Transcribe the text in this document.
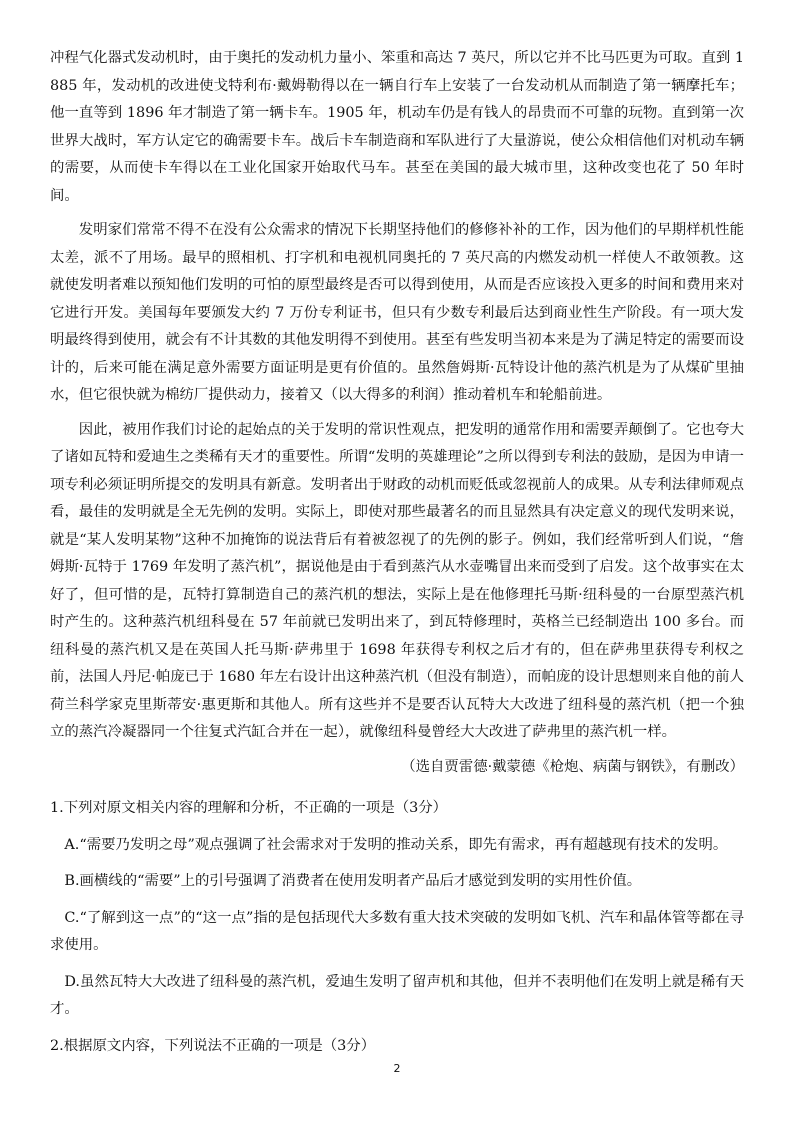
冲程气化器式发动机时，由于奥托的发动机力量小、笨重和高达 7 英尺，所以它并不比马匹更为可取。直到 1885 年，发动机的改进使戈特利布·戴姆勒得以在一辆自行车上安装了一台发动机从而制造了第一辆摩托车；他一直等到 1896 年才制造了第一辆卡车。1905 年，机动车仍是有钱人的昂贵而不可靠的玩物。直到第一次世界大战时，军方认定它的确需要卡车。战后卡车制造商和军队进行了大量游说，使公众相信他们对机动车辆的需要，从而使卡车得以在工业化国家开始取代马车。甚至在美国的最大城市里，这种改变也花了 50 年时间。

发明家们常常不得不在没有公众需求的情况下长期坚持他们的修修补补的工作，因为他们的早期样机性能太差，派不了用场。最早的照相机、打字机和电视机同奥托的 7 英尺高的内燃发动机一样使人不敢领教。这就使发明者难以预知他们发明的可怕的原型最终是否可以得到使用，从而是否应该投入更多的时间和费用来对它进行开发。美国每年要颁发大约 7 万份专利证书，但只有少数专利最后达到商业性生产阶段。有一项大发明最终得到使用，就会有不计其数的其他发明得不到使用。甚至有些发明当初本来是为了满足特定的需要而设计的，后来可能在满足意外需要方面证明是更有价值的。虽然詹姆斯·瓦特设计他的蒸汽机是为了从煤矿里抽水，但它很快就为棉纺厂提供动力，接着又（以大得多的利润）推动着机车和轮船前进。

因此，被用作我们讨论的起始点的关于发明的常识性观点，把发明的通常作用和需要弄颠倒了。它也夸大了诸如瓦特和爱迪生之类稀有天才的重要性。所谓“发明的英雄理论”之所以得到专利法的鼓励，是因为申请一项专利必须证明所提交的发明具有新意。发明者出于财政的动机而贬低或忽视前人的成果。从专利法律师观点看，最佳的发明就是全无先例的发明。实际上，即使对那些最著名的而且显然具有决定意义的现代发明来说，就是“某人发明某物”这种不加掩饰的说法背后有着被忽视了的先例的影子。例如，我们经常听到人们说，“詹姆斯·瓦特于 1769 年发明了蒸汽机”，据说他是由于看到蒸汽从水壶嘴冒出来而受到了启发。这个故事实在太好了，但可惜的是，瓦特打算制造自己的蒸汽机的想法，实际上是在他修理托马斯·纽科曼的一台原型蒸汽机时产生的。这种蒸汽机纽科曼在 57 年前就已发明出来了，到瓦特修理时，英格兰已经制造出 100 多台。而纽科曼的蒸汽机又是在英国人托马斯·萨弗里于 1698 年获得专利权之后才有的，但在萨弗里获得专利权之前，法国人丹尼·帕庞已于 1680 年左右设计出这种蒸汽机（但没有制造），而帕庞的设计思想则来自他的前人荷兰科学家克里斯蒂安·惠更斯和其他人。所有这些并不是要否认瓦特大大改进了纽科曼的蒸汽机（把一个独立的蒸汽冷凝器同一个往复式汽缸合并在一起），就像纽科曼曾经大大改进了萨弗里的蒸汽机一样。

（选自贾雷德·戴蒙德《枪炮、病菌与钢铁》，有删改）
1.下列对原文相关内容的理解和分析，不正确的一项是（3分）
A.“需要乃发明之母”观点强调了社会需求对于发明的推动关系，即先有需求，再有超越现有技术的发明。
B.画横线的“需要”上的引号强调了消费者在使用发明者产品后才感觉到发明的实用性价值。
C.“了解到这一点”的“这一点”指的是包括现代大多数有重大技术突破的发明如飞机、汽车和晶体管等都在寻求使用。
D.虽然瓦特大大改进了纽科曼的蒸汽机，爱迪生发明了留声机和其他，但并不表明他们在发明上就是稀有天才。
2.根据原文内容，下列说法不正确的一项是（3分）
2
